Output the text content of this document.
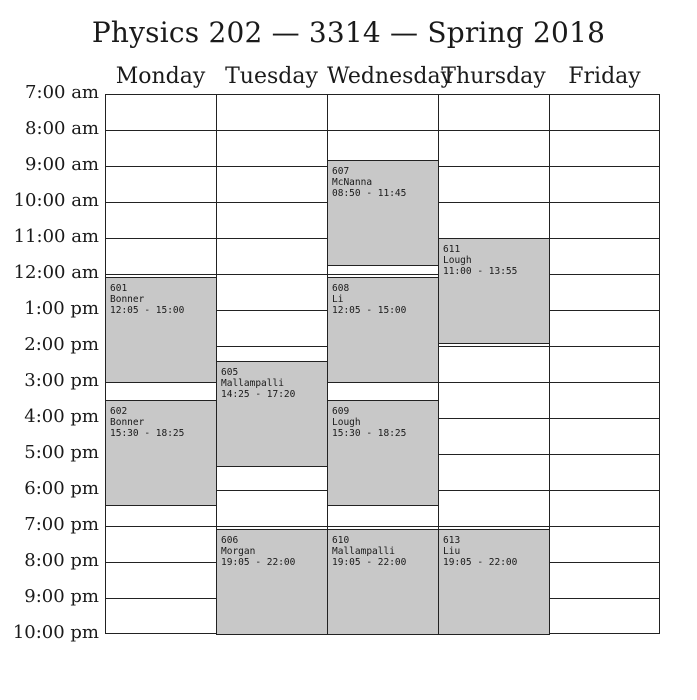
Physics 202 — 3314 — Spring 2018
Monday Tuesday Wednesday
Thursday	Friday
7:00 am
8:00 am
9:00 am
10:00 am
11:00 am
12:00 am
1:00 pm
2:00 pm
3:00 pm
4:00 pm
5:00 pm
6:00 pm
7:00 pm
8:00 pm
9:00 pm
10:00 pm
601
Bonner
12:05 - 15:00
602
Bonner
15:30 - 18:25
605
Mallampalli
14:25 - 17:20
606
Morgan
19:05 - 22:00
607
McNanna
08:50 - 11:45
608
Li
12:05 - 15:00
609
Lough
15:30 - 18:25
610
Mallampalli
19:05 - 22:00
611
Lough
11:00 - 13:55
613
Liu
19:05 - 22:00
